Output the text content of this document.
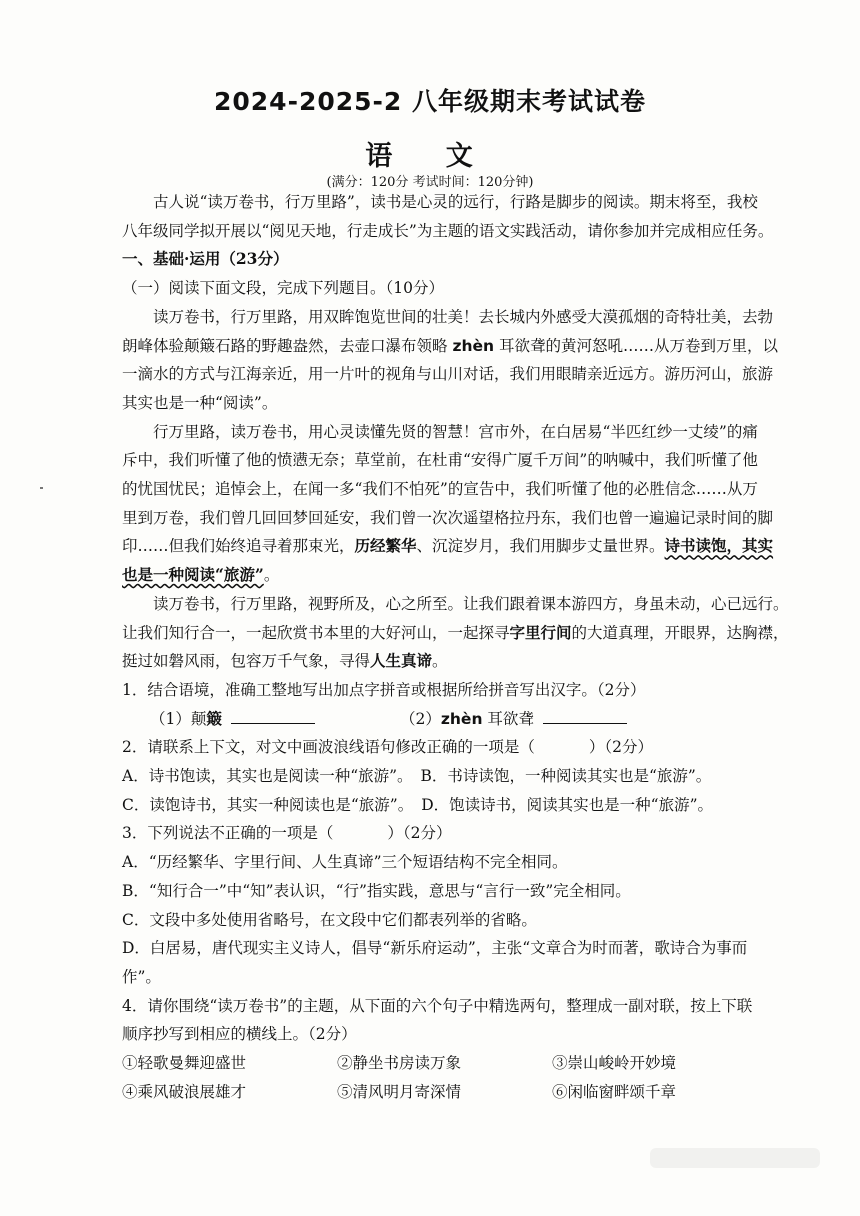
2024-2025-2 八年级期末考试试卷
语 文
(满分：120分 考试时间：120分钟)

古人说“读万卷书，行万里路”，读书是心灵的远行，行路是脚步的阅读。期末将至，我校

八年级同学拟开展以“阅见天地，行走成长”为主题的语文实践活动，请你参加并完成相应任务。

一、基础·运用（23分）

（一）阅读下面文段，完成下列题目。（10分）

读万卷书，行万里路，用双眸饱览世间的壮美！去长城内外感受大漠孤烟的奇特壮美，去勃

朗峰体验颠簸石路的野趣盎然，去壶口瀑布领略 zhèn 耳欲聋的黄河怒吼……从万卷到万里，以

一滴水的方式与江海亲近，用一片叶的视角与山川对话，我们用眼睛亲近远方。游历河山，旅游

其实也是一种“阅读”。

行万里路，读万卷书，用心灵读懂先贤的智慧！宫市外，在白居易“半匹红纱一丈绫”的痛

斥中，我们听懂了他的愤懑无奈；草堂前，在杜甫“安得广厦千万间”的呐喊中，我们听懂了他

的忧国忧民；追悼会上，在闻一多“我们不怕死”的宣告中，我们听懂了他的必胜信念……从万

里到万卷，我们曾几回回梦回延安，我们曾一次次遥望格拉丹东，我们也曾一遍遍记录时间的脚

印……但我们始终追寻着那束光，历经繁华、沉淀岁月，我们用脚步丈量世界。诗书读饱，其实

也是一种阅读“旅游”。

读万卷书，行万里路，视野所及，心之所至。让我们跟着课本游四方，身虽未动，心已远行。

让我们知行合一，一起欣赏书本里的大好河山，一起探寻字里行间的大道真理，开眼界，达胸襟，

挺过如磐风雨，包容万千气象，寻得人生真谛。

1．结合语境，准确工整地写出加点字拼音或根据所给拼音写出汉字。（2分）

（1）颠簸	（2）zhèn 耳欲聋

2．请联系上下文，对文中画波浪线语句修改正确的一项是（	）（2分）

A．诗书饱读，其实也是阅读一种“旅游”。 B．书诗读饱，一种阅读其实也是“旅游”。
C．读饱诗书，其实一种阅读也是“旅游”。 D．饱读诗书，阅读其实也是一种“旅游”。

3．下列说法不正确的一项是（	）（2分）

A．“历经繁华、字里行间、人生真谛”三个短语结构不完全相同。

B．“知行合一”中“知”表认识，“行”指实践，意思与“言行一致”完全相同。

C．文段中多处使用省略号，在文段中它们都表列举的省略。

D．白居易，唐代现实主义诗人，倡导“新乐府运动”，主张“文章合为时而著，歌诗合为事而

作”。

4．请你围绕“读万卷书”的主题，从下面的六个句子中精选两句，整理成一副对联，按上下联

顺序抄写到相应的横线上。（2分）

①轻歌曼舞迎盛世	②静坐书房读万象	③崇山峻岭开妙境
④乘风破浪展雄才	⑤清风明月寄深情	⑥闲临窗畔颂千章
